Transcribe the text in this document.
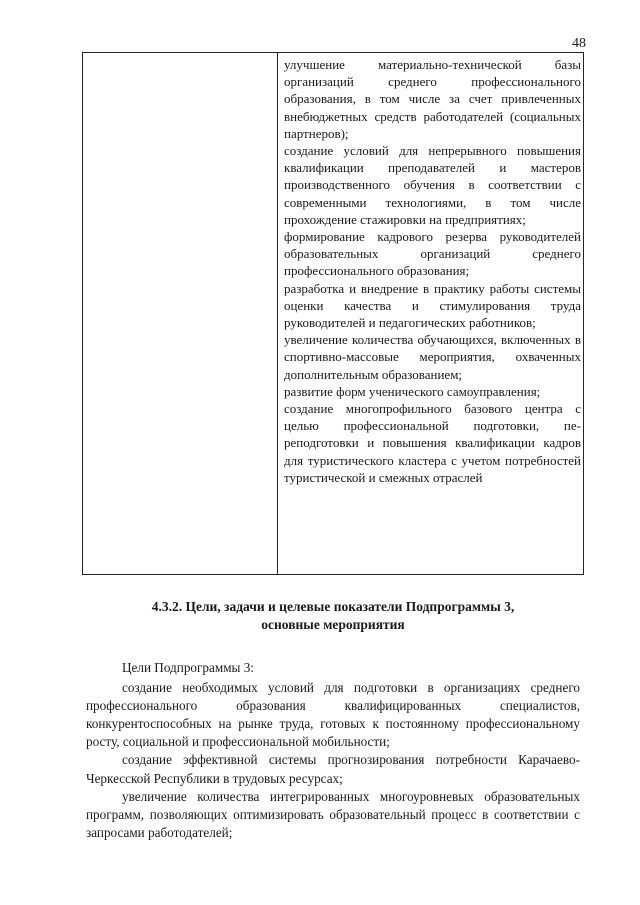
48

улучшение материально-технической базы организаций среднего профессионального образования, в том числе за счет привлеченных внебюджетных средств работодателей (социальных партнеров);

создание условий для непрерывного повышения квалификации преподавателей и мастеров производственного обучения в соответствии с современными технологиями, в том числе прохождение стажировки на предприятиях;

формирование кадрового резерва руководителей образовательных организаций среднего профессионального образования;

разработка и внедрение в практику работы системы оценки качества и стимулирования труда руководителей и педагогических работников;

увеличение количества обучающихся, включенных в спортивно-массовые мероприятия, охваченных дополнительным образованием;

развитие форм ученического самоуправления;

создание многопрофильного базового центра с целью профессиональной подготовки, переподготовки и повышения квалификации кадров для туристического кластера с учетом потребностей туристической и смежных отраслей

4.3.2. Цели, задачи и целевые показатели Подпрограммы 3,
основные мероприятия

Цели Подпрограммы 3:

создание необходимых условий для подготовки в организациях среднего профессионального образования квалифицированных специалистов, конкурентоспособных на рынке труда, готовых к постоянному профессиональному росту, социальной и профессиональной мобильности;

создание эффективной системы прогнозирования потребности Карачаево-Черкесской Республики в трудовых ресурсах;

увеличение количества интегрированных многоуровневых образовательных программ, позволяющих оптимизировать образовательный процесс в соответствии с запросами работодателей;
